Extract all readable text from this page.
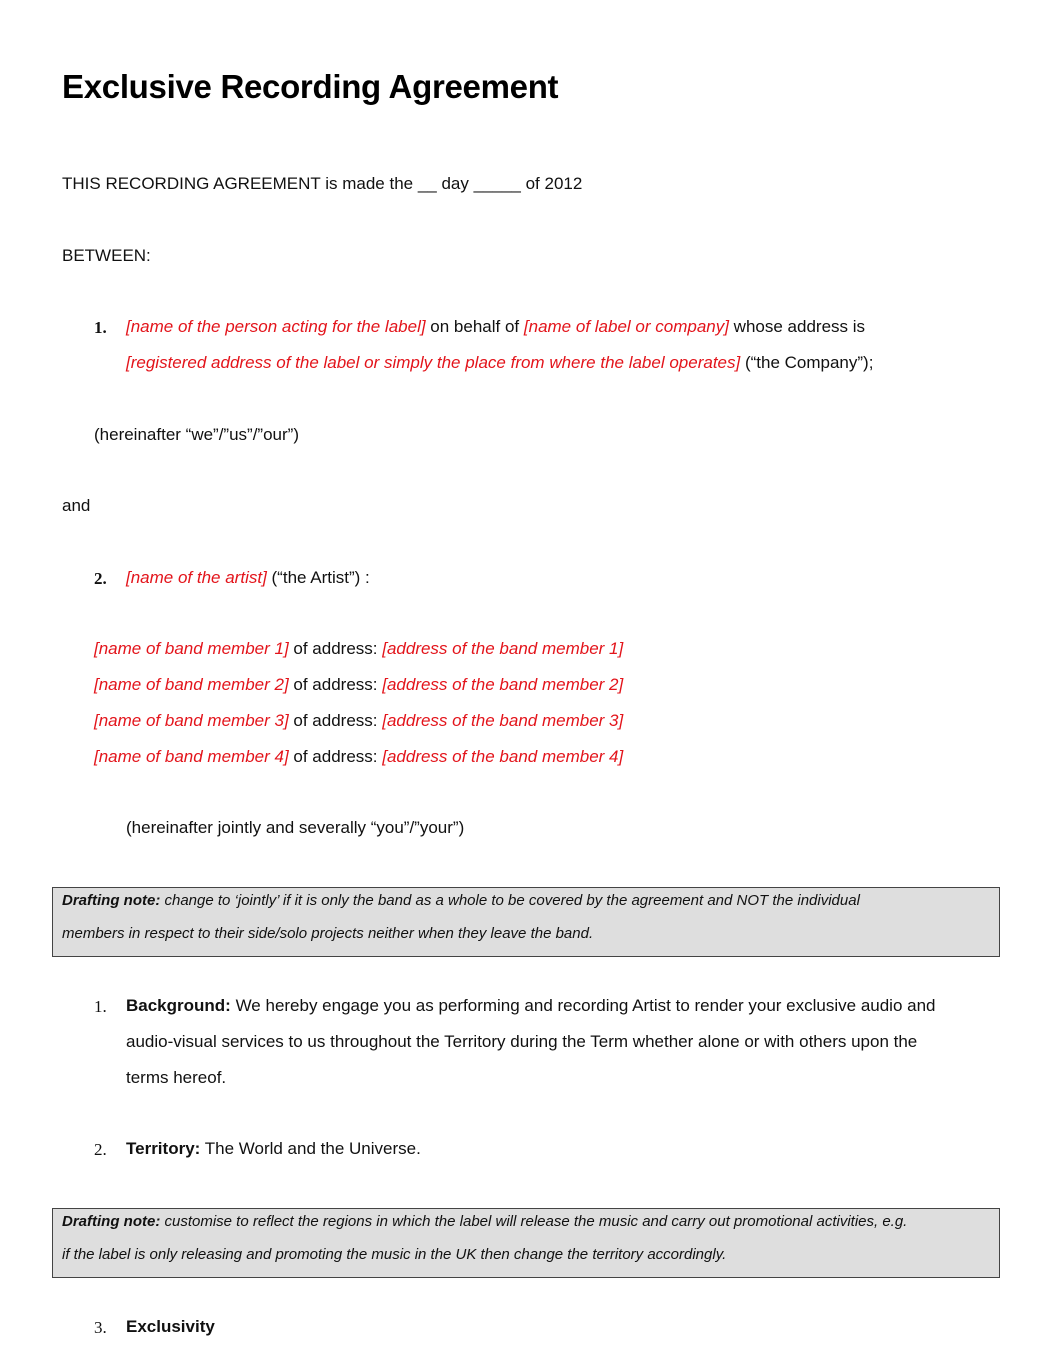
Exclusive Recording Agreement
THIS RECORDING AGREEMENT is made the __ day _____ of 2012
BETWEEN:
1. [name of the person acting for the label] on behalf of [name of label or company] whose address is
[registered address of the label or simply the place from where the label operates] (“the Company”);
(hereinafter “we”/”us”/”our”)
and
2. [name of the artist] (“the Artist”) :
[name of band member 1] of address: [address of the band member 1]
[name of band member 2] of address: [address of the band member 2]
[name of band member 3] of address: [address of the band member 3]
[name of band member 4] of address: [address of the band member 4]
(hereinafter jointly and severally “you”/”your”)
Drafting note: change to ‘jointly’ if it is only the band as a whole to be covered by the agreement and NOT the individual
members in respect to their side/solo projects neither when they leave the band.
1. Background: We hereby engage you as performing and recording Artist to render your exclusive audio and
audio-visual services to us throughout the Territory during the Term whether alone or with others upon the
terms hereof.
2. Territory: The World and the Universe.
Drafting note: customise to reflect the regions in which the label will release the music and carry out promotional activities, e.g.
if the label is only releasing and promoting the music in the UK then change the territory accordingly.
3. Exclusivity
